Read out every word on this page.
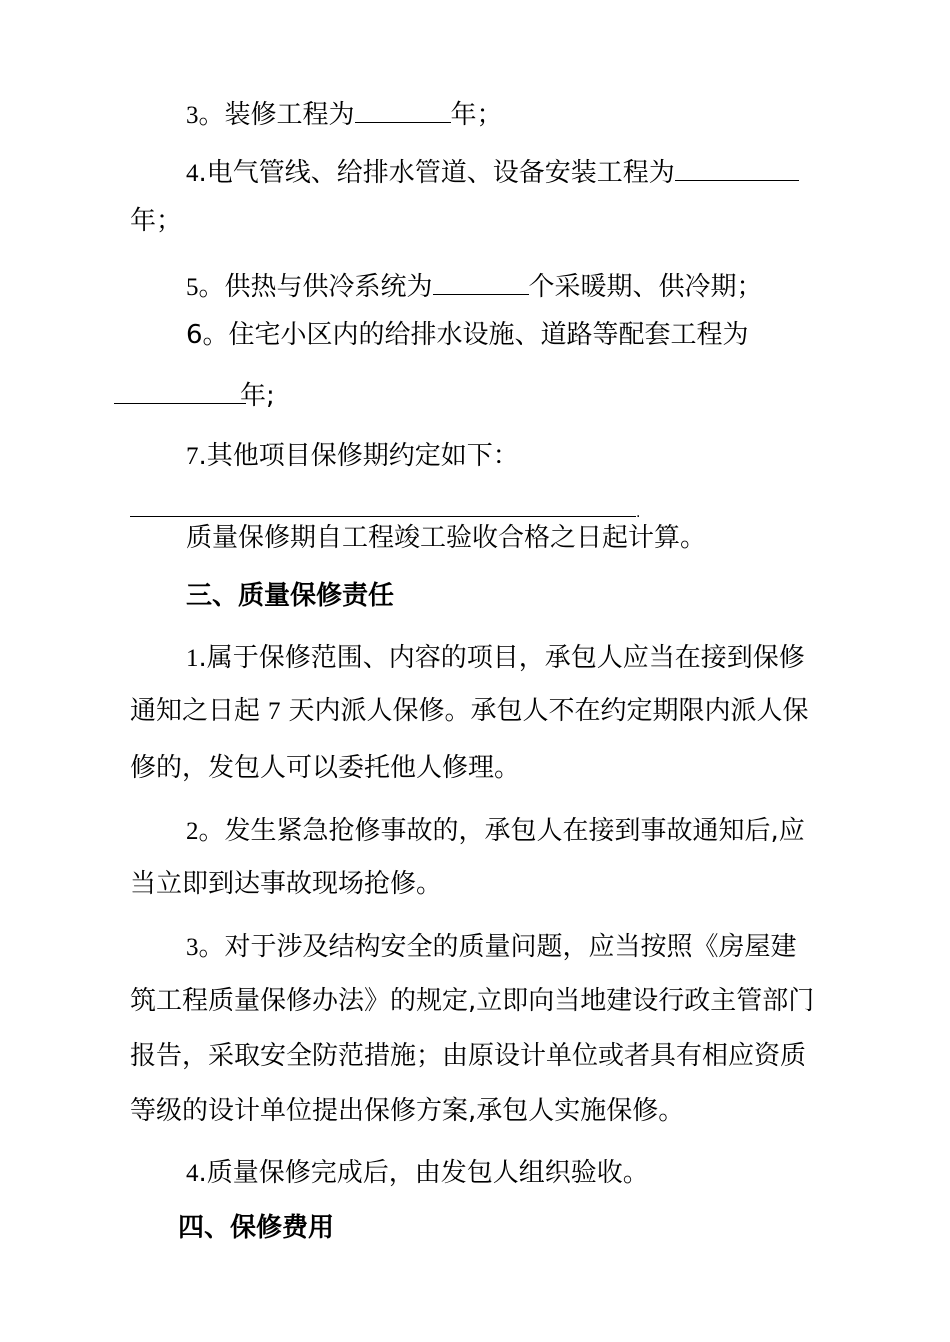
3。装修工程为	年；
4.电气管线、给排水管道、设备安装工程为
年；
5。供热与供冷系统为	个采暖期、供冷期；
6。住宅小区内的给排水设施、道路等配套工程为
年;
7.其他项目保修期约定如下：
.
质量保修期自工程竣工验收合格之日起计算。
三、质量保修责任
1.属于保修范围、内容的项目，承包人应当在接到保修
通知之日起 7 天内派人保修。承包人不在约定期限内派人保
修的，发包人可以委托他人修理。
2。发生紧急抢修事故的，承包人在接到事故通知后,应
当立即到达事故现场抢修。
3。对于涉及结构安全的质量问题，应当按照《房屋建
筑工程质量保修办法》的规定,立即向当地建设行政主管部门
报告，采取安全防范措施；由原设计单位或者具有相应资质
等级的设计单位提出保修方案,承包人实施保修。
4.质量保修完成后，由发包人组织验收。
四、保修费用
